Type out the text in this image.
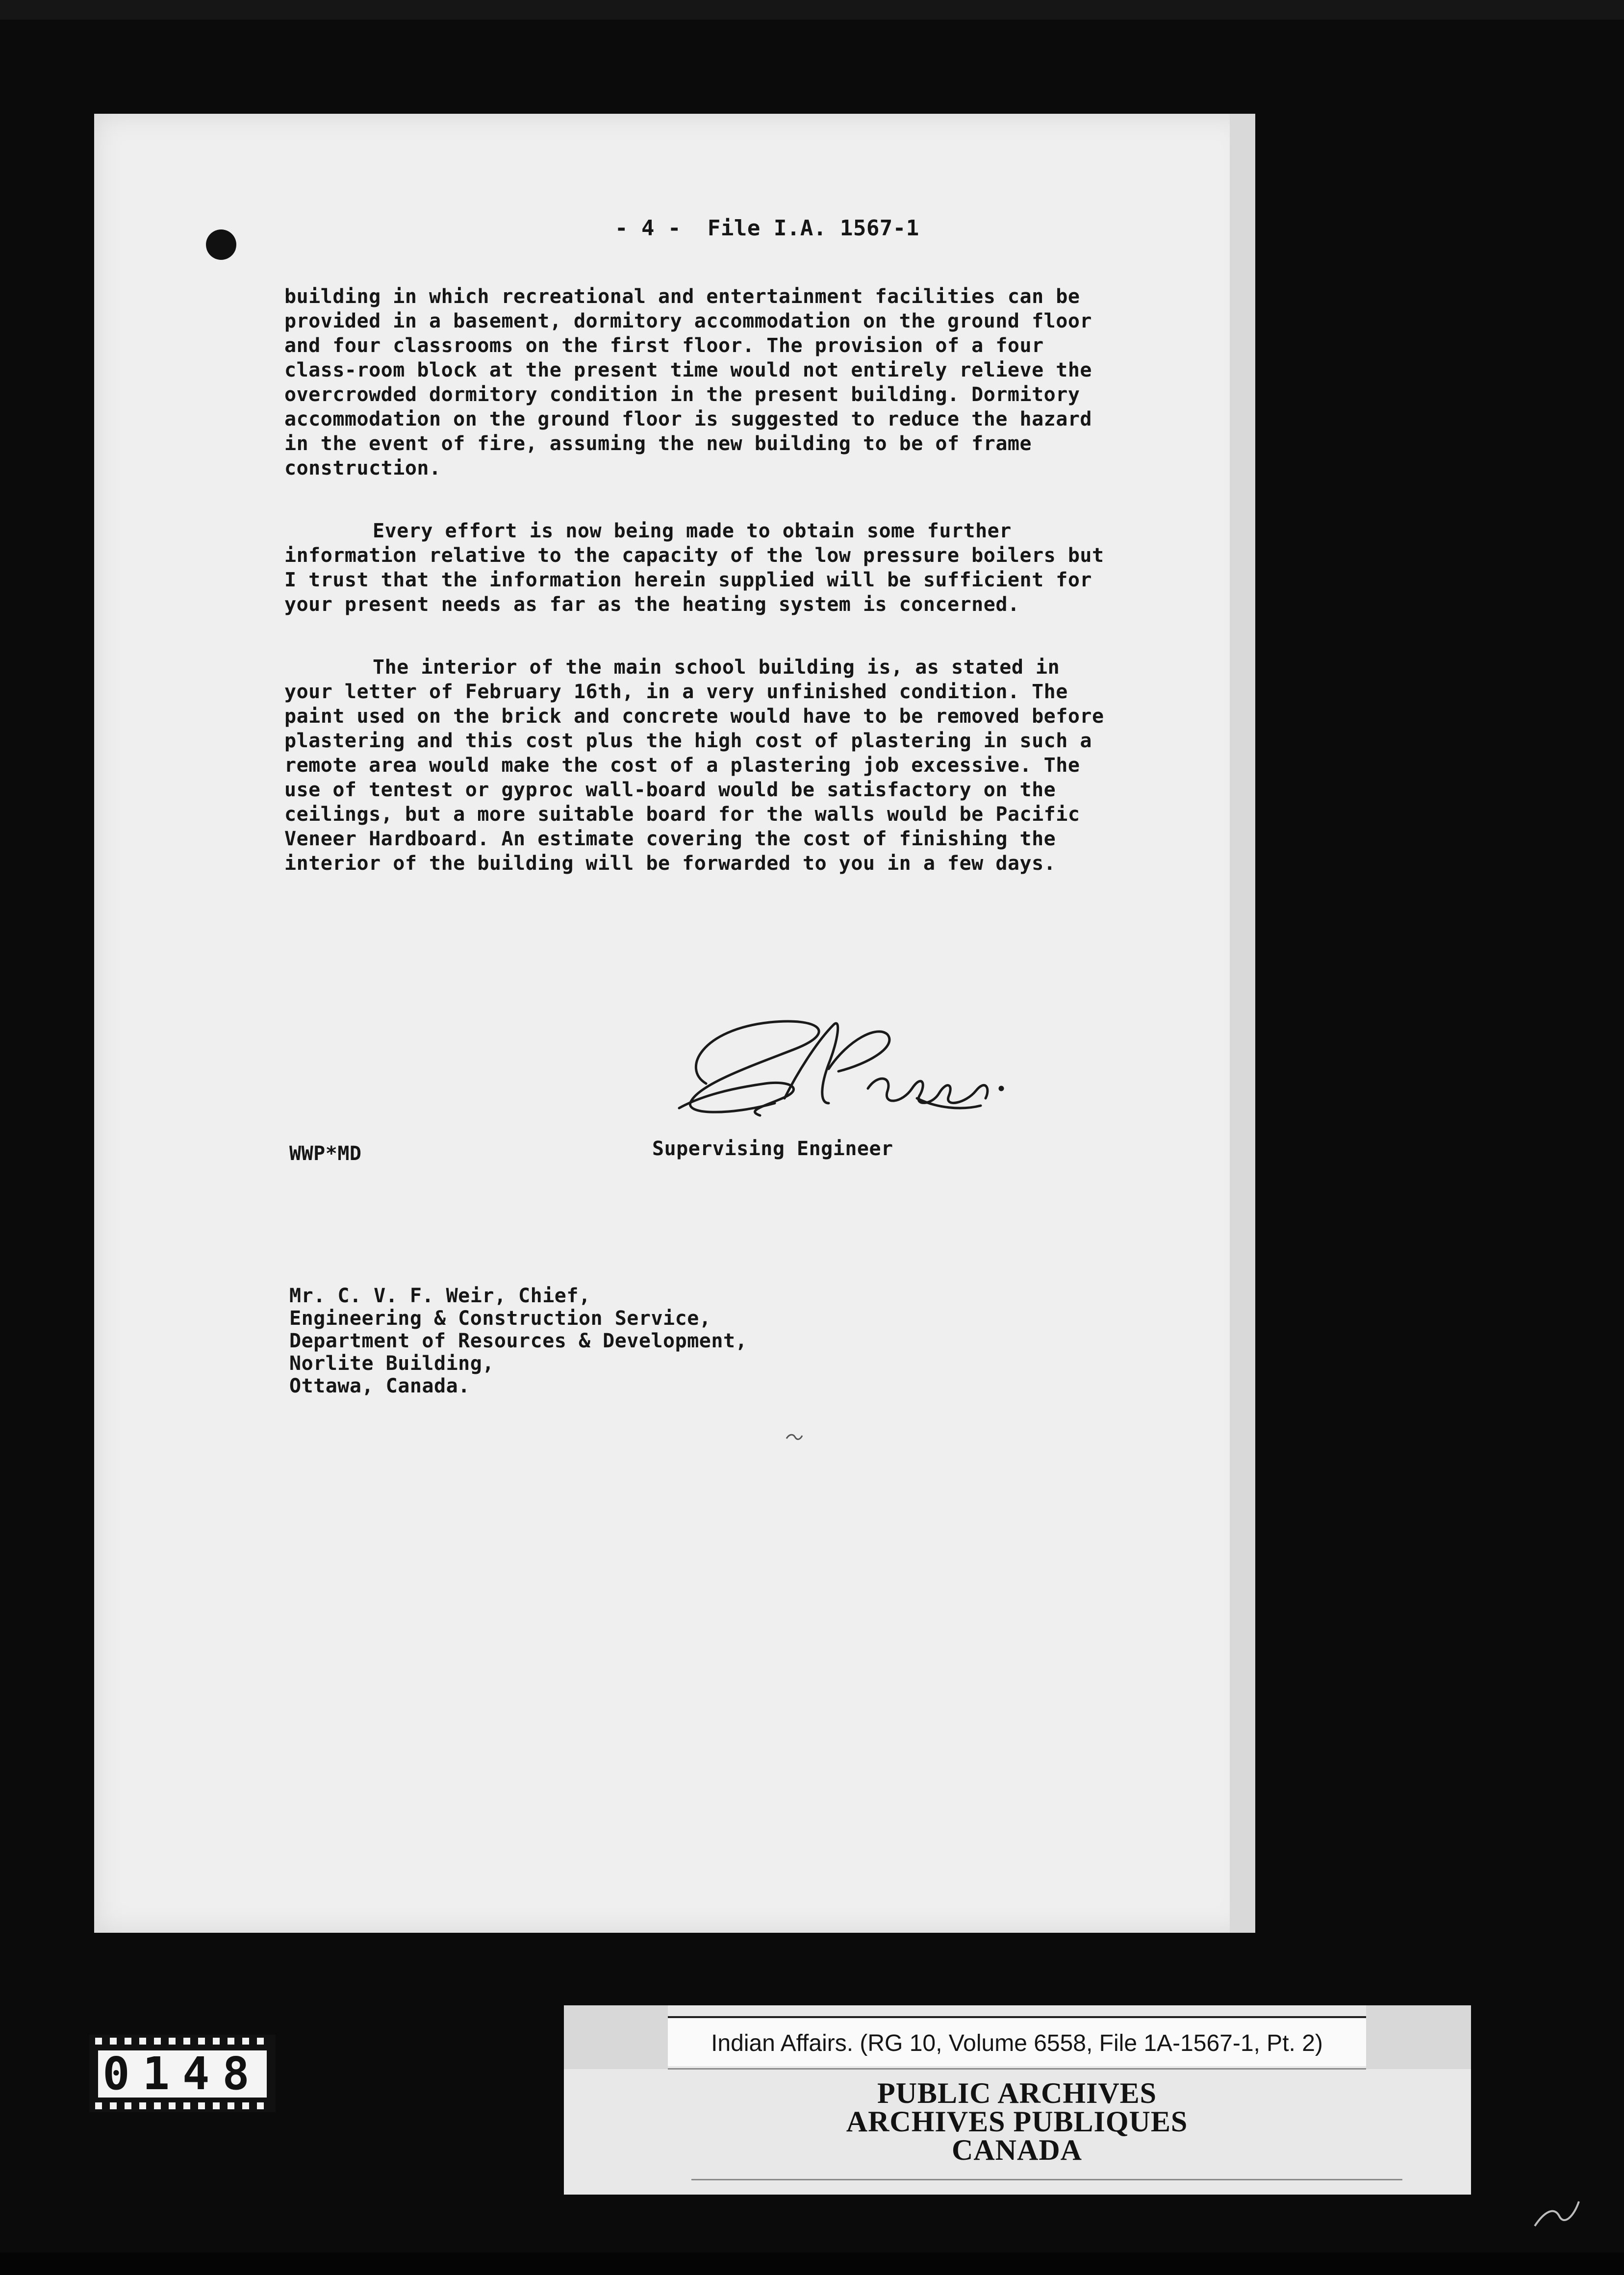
- 4 -  File I.A. 1567-1

building in which recreational and entertainment facilities can be provided in a basement, dormitory accommodation on the ground floor and four classrooms on the first floor. The provision of a four class-room block at the present time would not entirely relieve the overcrowded dormitory condition in the present building. Dormitory accommodation on the ground floor is suggested to reduce the hazard in the event of fire, assuming the new building to be of frame construction.

Every effort is now being made to obtain some further information relative to the capacity of the low pressure boilers but I trust that the information herein supplied will be sufficient for your present needs as far as the heating system is concerned.

The interior of the main school building is, as stated in your letter of February 16th, in a very unfinished condition. The paint used on the brick and concrete would have to be removed before plastering and this cost plus the high cost of plastering in such a remote area would make the cost of a plastering job excessive. The use of tentest or gyproc wall-board would be satisfactory on the ceilings, but a more suitable board for the walls would be Pacific Veneer Hardboard. An estimate covering the cost of finishing the interior of the building will be forwarded to you in a few days.

Supervising Engineer

WWP*MD

Mr. C. V. F. Weir, Chief,

Engineering & Construction Service,

Department of Resources & Development,

Norlite Building,

Ottawa, Canada.

0148

Indian Affairs. (RG 10, Volume 6558, File 1A-1567-1, Pt. 2)

PUBLIC ARCHIVES

ARCHIVES PUBLIQUES

CANADA
